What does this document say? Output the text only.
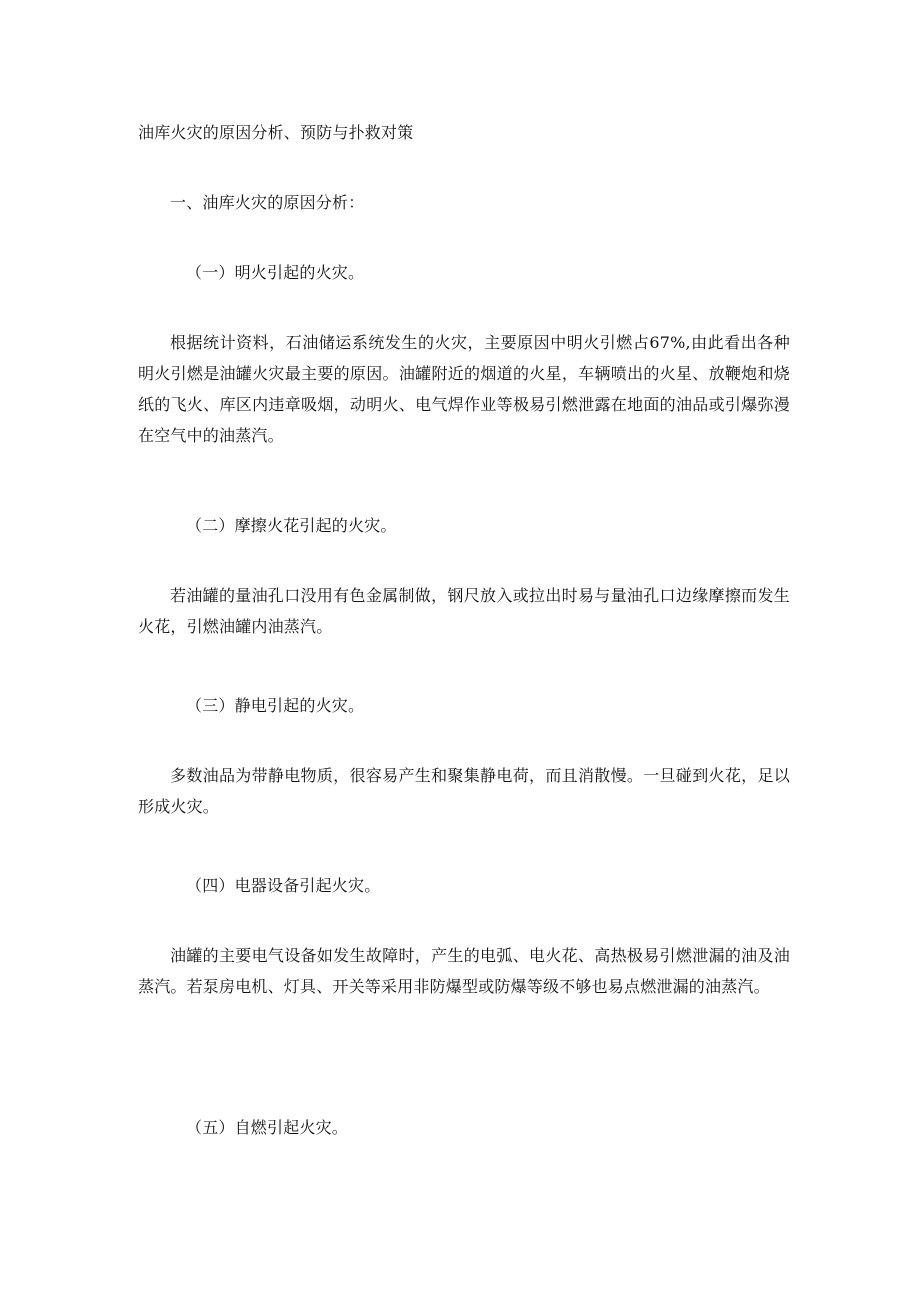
油库火灾的原因分析、预防与扑救对策

一、油库火灾的原因分析：

（一）明火引起的火灾。

根据统计资料，石油储运系统发生的火灾，主要原因中明火引燃占67%,由此看出各种明火引燃是油罐火灾最主要的原因。油罐附近的烟道的火星，车辆喷出的火星、放鞭炮和烧纸的飞火、库区内违章吸烟，动明火、电气焊作业等极易引燃泄露在地面的油品或引爆弥漫在空气中的油蒸汽。

（二）摩擦火花引起的火灾。

若油罐的量油孔口没用有色金属制做，钢尺放入或拉出时易与量油孔口边缘摩擦而发生火花，引燃油罐内油蒸汽。

（三）静电引起的火灾。

多数油品为带静电物质，很容易产生和聚集静电荷，而且消散慢。一旦碰到火花，足以形成火灾。

（四）电器设备引起火灾。

油罐的主要电气设备如发生故障时，产生的电弧、电火花、高热极易引燃泄漏的油及油蒸汽。若泵房电机、灯具、开关等采用非防爆型或防爆等级不够也易点燃泄漏的油蒸汽。

（五）自燃引起火灾。
